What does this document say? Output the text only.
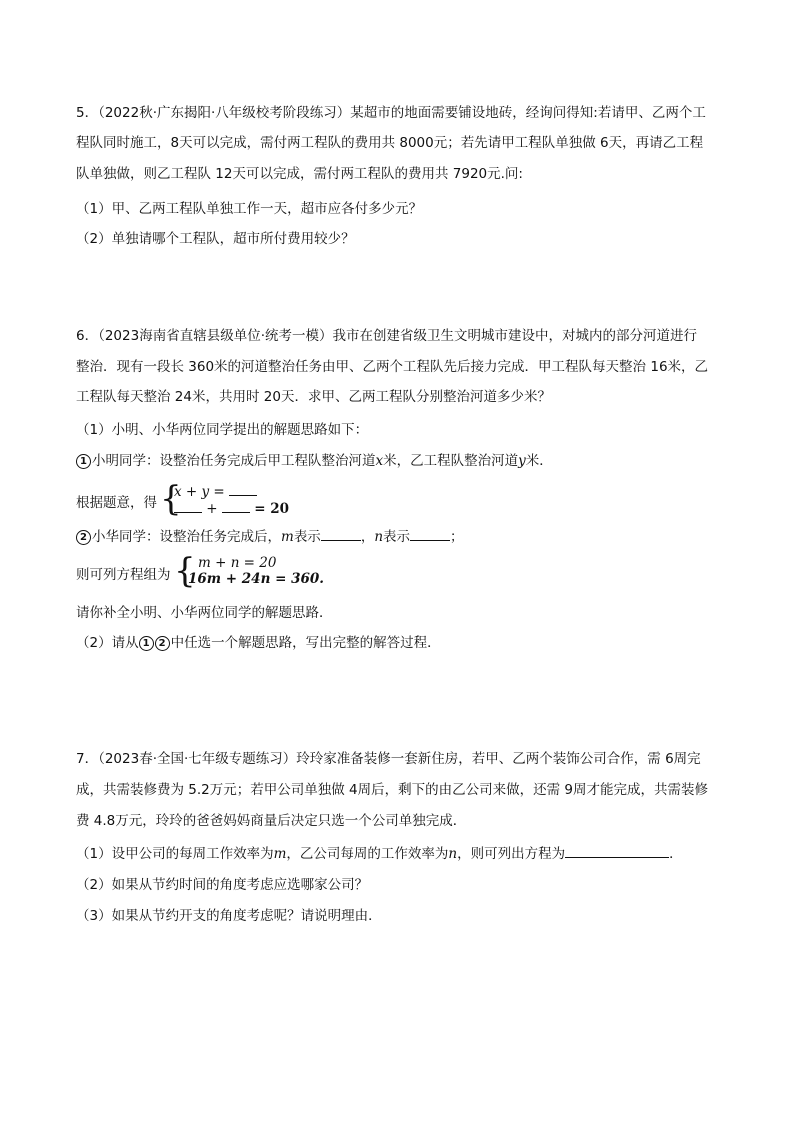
5．（2022秋·广东揭阳·八年级校考阶段练习）某超市的地面需要铺设地砖，经询问得知:若请甲、乙两个工
程队同时施工，8天可以完成，需付两工程队的费用共 8000元；若先请甲工程队单独做 6天，再请乙工程
队单独做，则乙工程队 12天可以完成，需付两工程队的费用共 7920元.问:
（1）甲、乙两工程队单独工作一天，超市应各付多少元？
（2）单独请哪个工程队，超市所付费用较少？
6．（2023海南省直辖县级单位·统考一模）我市在创建省级卫生文明城市建设中，对城内的部分河道进行
整治．现有一段长 360米的河道整治任务由甲、乙两个工程队先后接力完成．甲工程队每天整治 16米，乙
工程队每天整治 24米，共用时 20天．求甲、乙两工程队分别整治河道多少米？
（1）小明、小华两位同学提出的解题思路如下：
1 小明同学：设整治任务完成后甲工程队整治河道x米，乙工程队整治河道y米．
根据题意，得 {
x + y =
+	= 20
2 小华同学：设整治任务完成后，m表示	，n表示	；
则可列方程组为 { m + n = 20
16m + 24n = 360.
请你补全小明、小华两位同学的解题思路．
（2）请从 1 2 中任选一个解题思路，写出完整的解答过程．
7．（2023春·全国·七年级专题练习）玲玲家准备装修一套新住房，若甲、乙两个装饰公司合作，需 6周完
成，共需装修费为 5.2万元；若甲公司单独做 4周后，剩下的由乙公司来做，还需 9周才能完成，共需装修
费 4.8万元，玲玲的爸爸妈妈商量后决定只选一个公司单独完成．
（1）设甲公司的每周工作效率为m，乙公司每周的工作效率为n，则可列出方程为	．
（2）如果从节约时间的角度考虑应选哪家公司？
（3）如果从节约开支的角度考虑呢？请说明理由．
